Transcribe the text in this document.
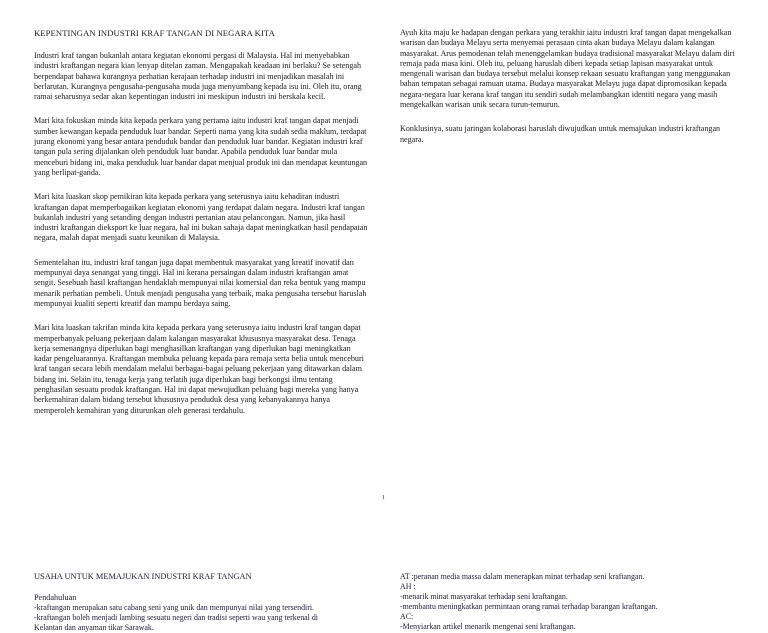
KEPENTINGAN INDUSTRI KRAF TANGAN DI NEGARA KITA

Industri kraf tangan bukanlah antara kegiatan ekonomi pergasi di Malaysia. Hal ini menyebabkan industri kraftangan negara kian lenyap ditelan zaman. Mengapakah keadaan ini berlaku? Se setengah berpendapat bahawa kurangnya perhatian kerajaan terhadap industri ini menjadikan masalah ini berlarutan. Kurangnya pengusaha-pengusaha muda juga menyumbang kepada isu ini. Oleh itu, orang ramai seharusnya sedar akan kepentingan industri ini meskipun industri ini berskala kecil.

Mari kita fokuskan minda kita kepada perkara yang pertama iaitu industri kraf tangan dapat menjadi sumber kewangan kepada penduduk luar bandar. Seperti nama yang kita sudah sedia maklum, terdapat jurang ekonomi yang besar antara penduduk bandar dan penduduk luar bandar. Kegiatan industri kraf tangan pula sering dijalankan oleh penduduk luar bandar. Apabila penduduk luar bandar mula menceburi bidang ini, maka penduduk luar bandar dapat menjual produk ini dan mendapat keuntungan yang berlipat-ganda.

Mari kita luaskan skop pemikiran kita kepada perkara yang seterusnya iaitu kehadiran industri kraftangan dapat memperbagaikan kegiatan ekonomi yang terdapat dalam negara. Industri kraf tangan bukanlah industri yang setanding dengan industri pertanian atau pelancongan. Namun, jika hasil industri kraftangan dieksport ke luar negara, hal ini bukan sahaja dapat meningkatkan hasil pendapatan negara, malah dapat menjadi suatu keunikan di Malaysia.

Sementelahan itu, industri kraf tangan juga dapat membentuk masyarakat yang kreatif inovatif dan mempunyai daya senangat yang tinggi. Hal ini kerana persaingan dalam industri kraftangan amat sengit. Sesebuah hasil kraftangan hendaklah mempunyai nilai komersial dan reka bentuk yang mampu menarik perhatian pembeli. Untuk menjadi pengusaha yang terbaik, maka pengusaha tersebut haruslah mempunyai kualiti seperti kreatif dan mampu berdaya saing.

Mari kita luaskan takrifan minda kita kepada perkara yang seterusnya iaitu industri kraf tangan dapat memperbanyak peluang pekerjaan dalam kalangan masyarakat khususnya masyarakat desa. Tenaga kerja semenangnya diperlukan bagi menghasilkan kraftangan yang diperlukan bagi meningkatkan kadar pengeluarannya. Kraftangan membuka peluang kepada para remaja serta belia untuk menceburi kraf tangan secara lebih mendalam melalui berbagai-bagai peluang pekerjaan yang ditawarkan dalam bidang ini. Selain itu, tenaga kerja yang terlatih juga diperlukan bagi berkongsi ilmu tentang penghasilan sesuatu produk kraftangan. Hal ini dapat mewujudkan peluang bagi mereka yang hanya berkemahiran dalam bidang tersebut khususnya penduduk desa yang kebanyakannya hanya memperoleh kemahiran yang diturunkan oleh generasi terdahulu.

Ayuh kita maju ke hadapan dengan perkara yang terakhir iaitu industri kraf tangan dapat mengekalkan warisan dan budaya Melayu serta menyemai perasaan cinta akan budaya Melayu dalam kalangan masyarakat. Arus pemodenan telah menenggelamkan budaya tradisional masyarakat Melayu dalam diri remaja pada masa kini. Oleh itu, peluang haruslah diberi kepada setiap lapisan masyarakat untuk mengenali warisan dan budaya tersebut melalui konsep rekaan sesuatu kraftangan yang menggunakan bahan tempatan sebagai ramuan utama. Budaya masyarakat Melayu juga dapat dipromosikan kepada negara-negara luar kerana kraf tangan itu sendiri sudah melambangkan identiti negara yang masih mengekalkan warisan unik secara turun-temurun.

Konklusinya, suatu jaringan kolaborasi haruslah diwujudkan untuk memajukan industri kraftangan negara.

1
USAHA UNTUK MEMAJUKAN INDUSTRI KRAF TANGAN
Pendahuluan
-kraftangan merupakan satu cabang seni yang unik dan mempunyai nilai yang tersendiri.
-kraftangan boleh menjadi lambing sesuatu negeri dan tradisi seperti wau yang terkenal di
Kelantan dan anyaman tikar Sarawak.
AT :peranan media massa dalam menerapkan minat terhadap seni kraftangan.
AH :
-menarik minat masyarakat terhadap seni kraftangan.
-membantu meningkatkan permintaan orang ramai terhadap barangan kraftangan.
AC:
-Menyiarkan artikel menarik mengenai seni kraftangan.
